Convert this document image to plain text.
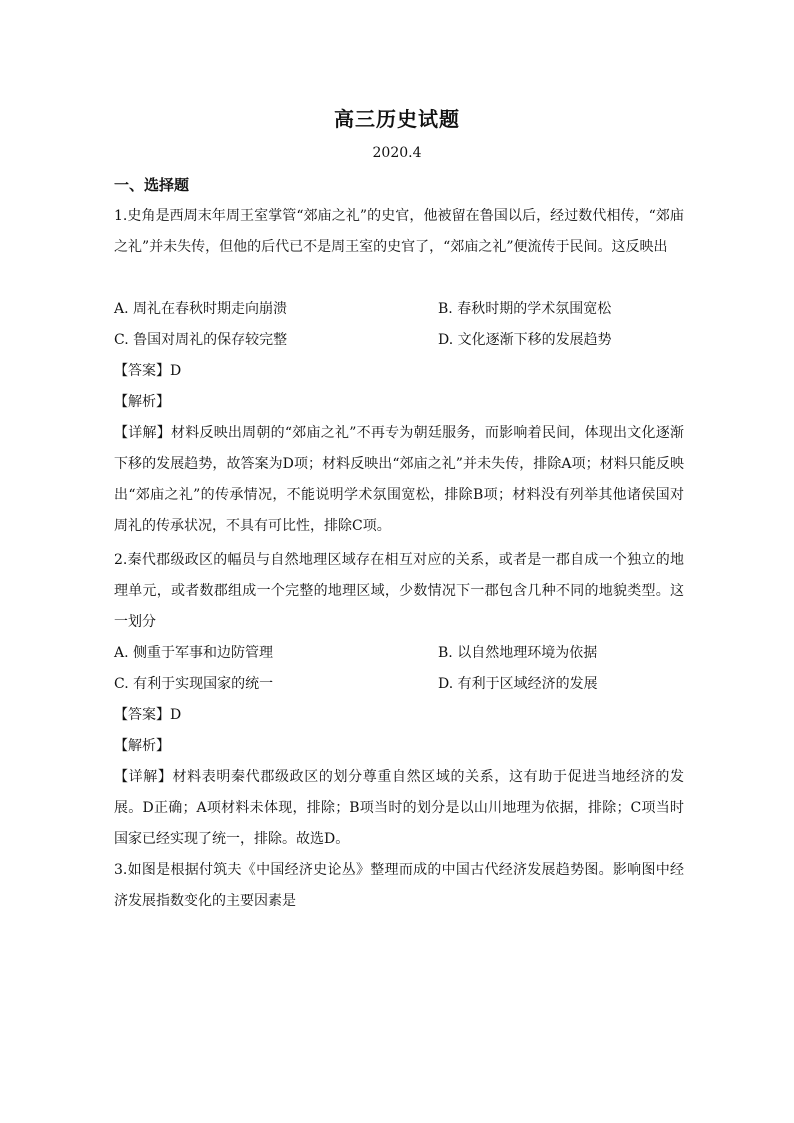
高三历史试题
2020.4
一、选择题
1.史角是西周末年周王室掌管“郊庙之礼”的史官，他被留在鲁国以后，经过数代相传，“郊庙之礼”并未失传，但他的后代已不是周王室的史官了，“郊庙之礼”便流传于民间。这反映出
A. 周礼在春秋时期走向崩溃	B. 春秋时期的学术氛围宽松
C. 鲁国对周礼的保存较完整	D. 文化逐渐下移的发展趋势
【答案】D
【解析】
【详解】材料反映出周朝的“郊庙之礼”不再专为朝廷服务，而影响着民间，体现出文化逐渐下移的发展趋势，故答案为D项；材料反映出“郊庙之礼”并未失传，排除A项；材料只能反映出“郊庙之礼”的传承情况，不能说明学术氛围宽松，排除B项；材料没有列举其他诸侯国对周礼的传承状况，不具有可比性，排除C项。
2.秦代郡级政区的幅员与自然地理区域存在相互对应的关系，或者是一郡自成一个独立的地理单元，或者数郡组成一个完整的地理区域，少数情况下一郡包含几种不同的地貌类型。这一划分
A. 侧重于军事和边防管理	B. 以自然地理环境为依据
C. 有利于实现国家的统一	D. 有利于区域经济的发展
【答案】D
【解析】
【详解】材料表明秦代郡级政区的划分尊重自然区域的关系，这有助于促进当地经济的发展。D正确；A项材料未体现，排除；B项当时的划分是以山川地理为依据，排除；C项当时国家已经实现了统一，排除。故选D。
3.如图是根据付筑夫《中国经济史论丛》整理而成的中国古代经济发展趋势图。影响图中经济发展指数变化的主要因素是
